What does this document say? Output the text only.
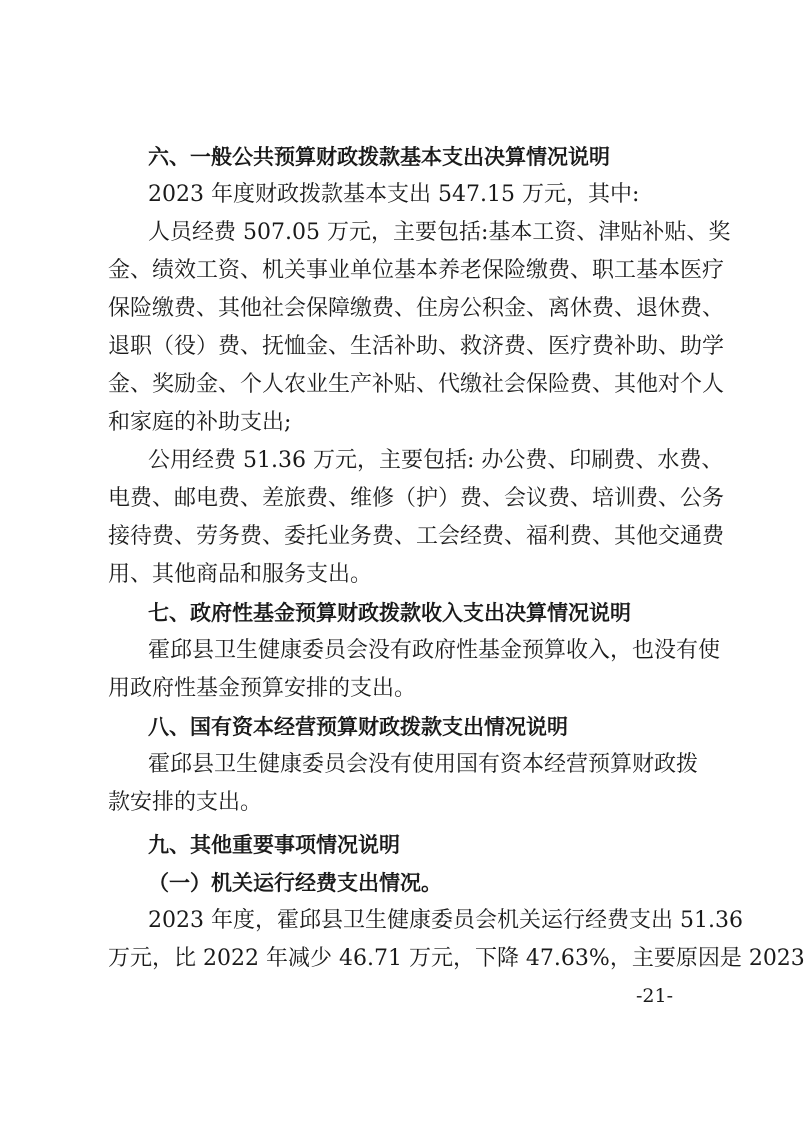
六、一般公共预算财政拨款基本支出决算情况说明
2023 年度财政拨款基本支出 547.15 万元，其中:
人员经费 507.05 万元，主要包括:基本工资、津贴补贴、奖
金、绩效工资、机关事业单位基本养老保险缴费、职工基本医疗
保险缴费、其他社会保障缴费、住房公积金、离休费、退休费、
退职（役）费、抚恤金、生活补助、救济费、医疗费补助、助学
金、奖励金、个人农业生产补贴、代缴社会保险费、其他对个人
和家庭的补助支出;
公用经费 51.36 万元，主要包括: 办公费、印刷费、水费、
电费、邮电费、差旅费、维修（护）费、会议费、培训费、公务
接待费、劳务费、委托业务费、工会经费、福利费、其他交通费
用、其他商品和服务支出。
七、政府性基金预算财政拨款收入支出决算情况说明
霍邱县卫生健康委员会没有政府性基金预算收入，也没有使
用政府性基金预算安排的支出。
八、国有资本经营预算财政拨款支出情况说明
霍邱县卫生健康委员会没有使用国有资本经营预算财政拨
款安排的支出。
九、其他重要事项情况说明
（一）机关运行经费支出情况。
2023 年度，霍邱县卫生健康委员会机关运行经费支出 51.36
万元，比 2022 年减少 46.71 万元，下降 47.63%，主要原因是 2023
-21-
